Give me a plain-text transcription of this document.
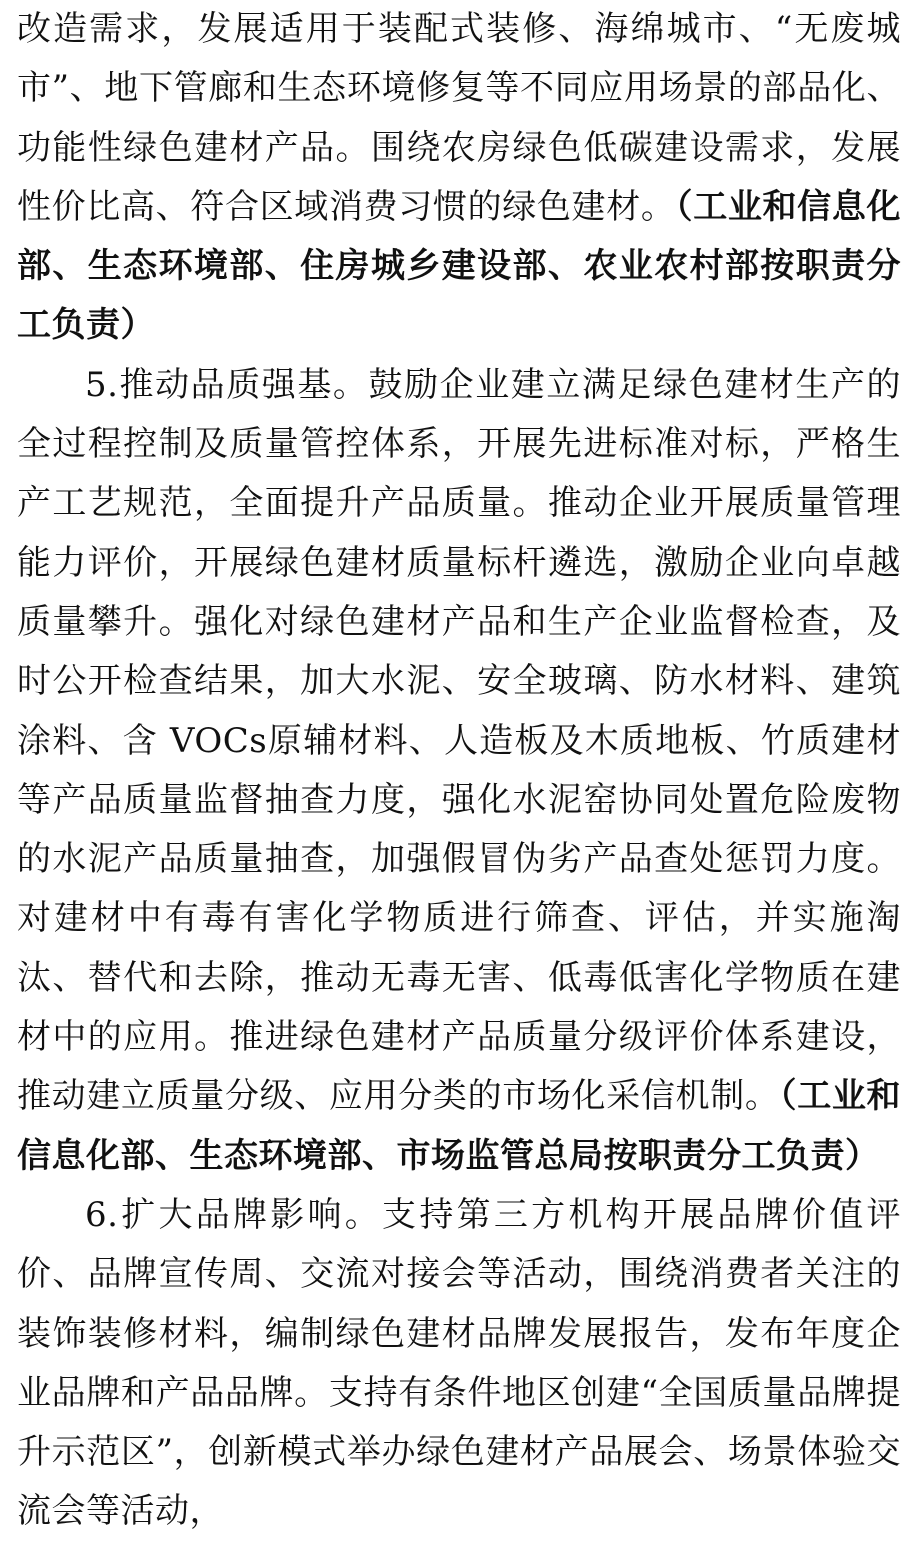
改造需求，发展适用于装配式装修、海绵城市、“无废城市”、地下管廊和生态环境修复等不同应用场景的部品化、功能性绿色建材产品。围绕农房绿色低碳建设需求，发展性价比高、符合区域消费习惯的绿色建材。（工业和信息化部、生态环境部、住房城乡建设部、农业农村部按职责分工负责）

5.推动品质强基。鼓励企业建立满足绿色建材生产的全过程控制及质量管控体系，开展先进标准对标，严格生产工艺规范，全面提升产品质量。推动企业开展质量管理能力评价，开展绿色建材质量标杆遴选，激励企业向卓越质量攀升。强化对绿色建材产品和生产企业监督检查，及时公开检查结果，加大水泥、安全玻璃、防水材料、建筑涂料、含 VOCs原辅材料、人造板及木质地板、竹质建材等产品质量监督抽查力度，强化水泥窑协同处置危险废物的水泥产品质量抽查，加强假冒伪劣产品查处惩罚力度。对建材中有毒有害化学物质进行筛查、评估，并实施淘汰、替代和去除，推动无毒无害、低毒低害化学物质在建材中的应用。推进绿色建材产品质量分级评价体系建设，推动建立质量分级、应用分类的市场化采信机制。（工业和信息化部、生态环境部、市场监管总局按职责分工负责）

6.扩大品牌影响。支持第三方机构开展品牌价值评价、品牌宣传周、交流对接会等活动，围绕消费者关注的装饰装修材料，编制绿色建材品牌发展报告，发布年度企业品牌和产品品牌。支持有条件地区创建“全国质量品牌提升示范区”，创新模式举办绿色建材产品展会、场景体验交流会等活动，
